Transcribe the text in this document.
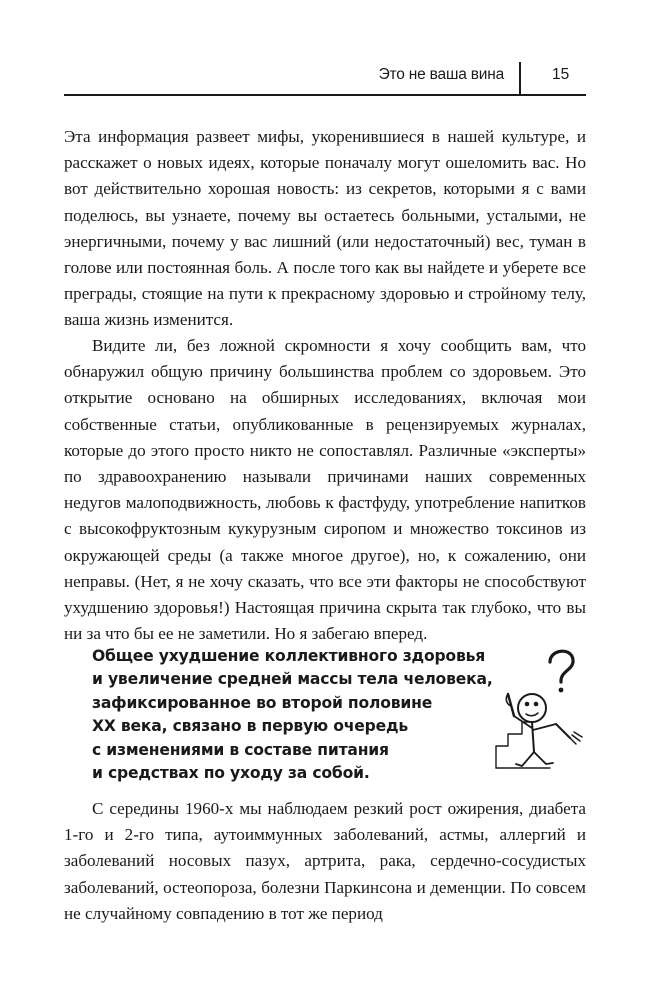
Это не ваша вина	15

Эта информация развеет мифы, укоренившиеся в нашей культуре, и расскажет о новых идеях, которые поначалу могут ошеломить вас. Но вот действительно хорошая новость: из секретов, которыми я с вами поделюсь, вы узнаете, почему вы остаетесь больными, усталыми, не энергичными, почему у вас лишний (или недостаточный) вес, туман в голове или постоянная боль. А после того как вы найдете и уберете все преграды, стоящие на пути к прекрасному здоровью и стройному телу, ваша жизнь изменится.

Видите ли, без ложной скромности я хочу сообщить вам, что обнаружил общую причину большинства проблем со здоровьем. Это открытие основано на обширных исследованиях, включая мои собственные статьи, опубликованные в рецензируемых журналах, которые до этого просто никто не сопоставлял. Различные «эксперты» по здравоохранению называли причинами наших современных недугов малоподвижность, любовь к фастфуду, употребление напитков с высокофруктозным кукурузным сиропом и множество токсинов из окружающей среды (а также многое другое), но, к сожалению, они неправы. (Нет, я не хочу сказать, что все эти факторы не способствуют ухудшению здоровья!) Настоящая причина скрыта так глубоко, что вы ни за что бы ее не заметили. Но я забегаю вперед.

Общее ухудшение коллективного здоровья
и увеличение средней массы тела человека,
зафиксированное во второй половине
XX века, связано в первую очередь
с изменениями в составе питания
и средствах по уходу за собой.

С середины 1960-х мы наблюдаем резкий рост ожирения, диабета 1-го и 2-го типа, аутоиммунных заболеваний, астмы, аллергий и заболеваний носовых пазух, артрита, рака, сердечно-сосудистых заболеваний, остеопороза, болезни Паркинсона и деменции. По совсем не случайному совпадению в тот же период
